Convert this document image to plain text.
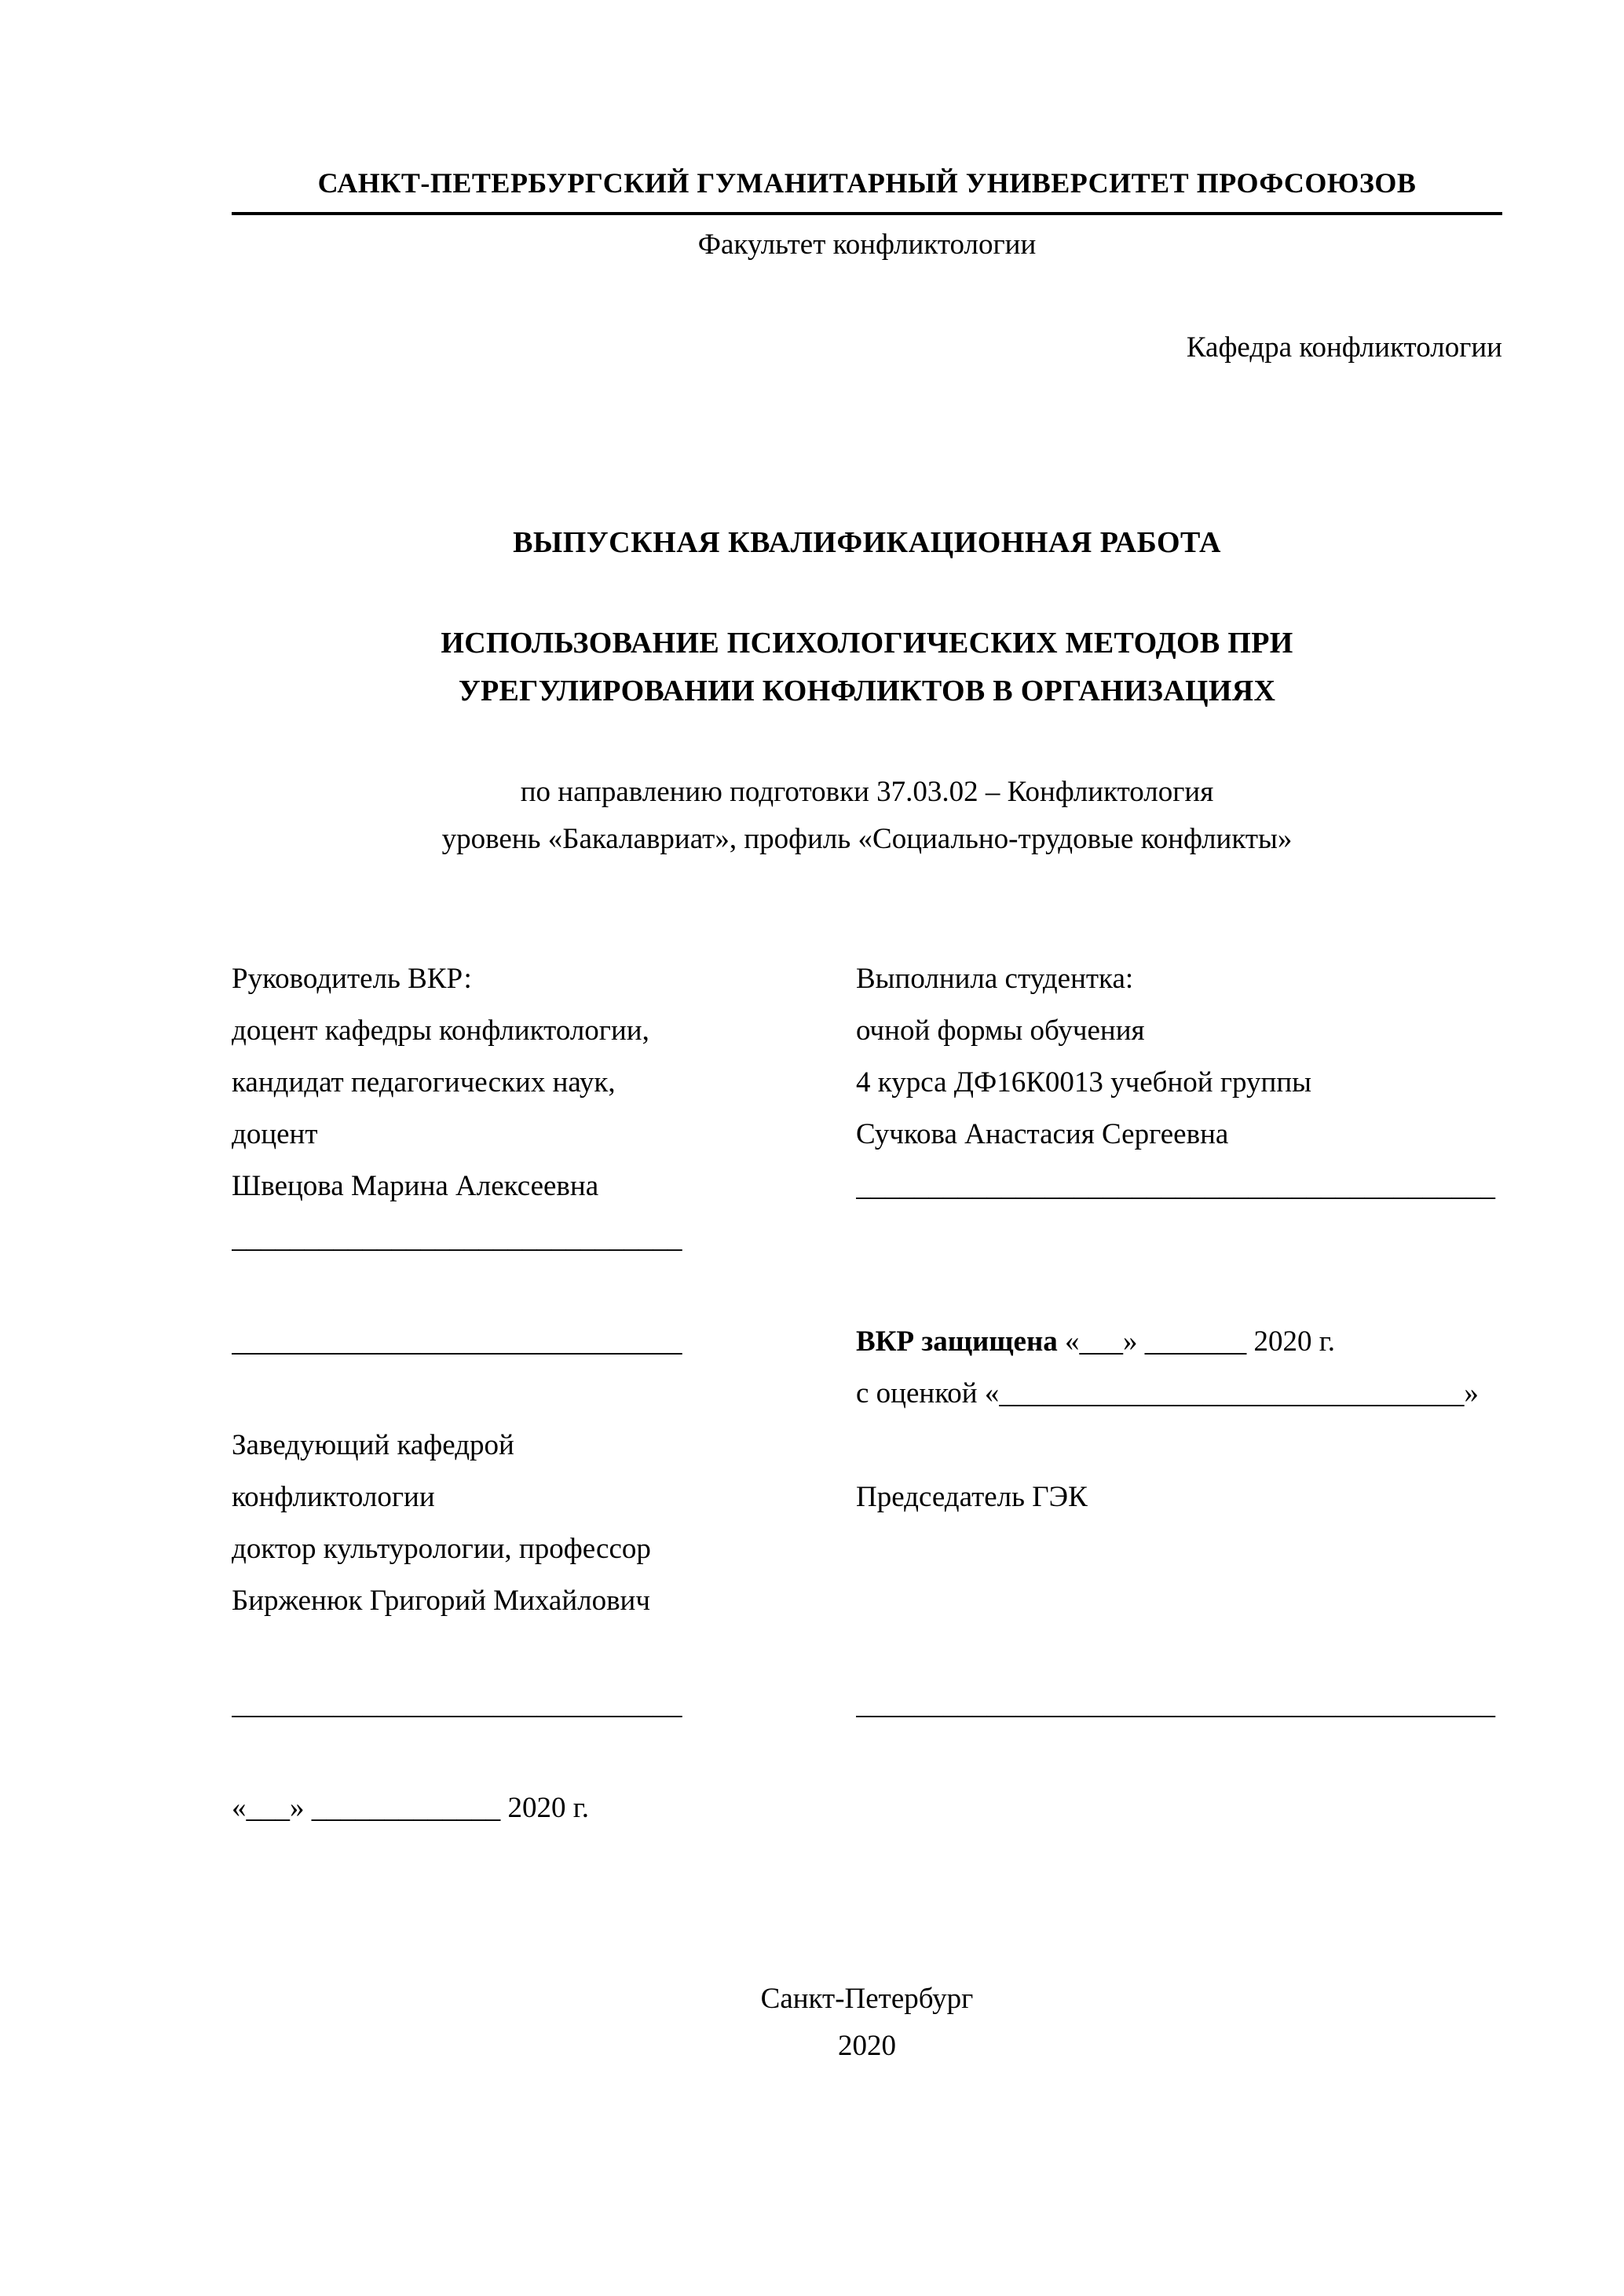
САНКТ-ПЕТЕРБУРГСКИЙ ГУМАНИТАРНЫЙ УНИВЕРСИТЕТ ПРОФСОЮЗОВ
Факультет конфликтологии
Кафедра конфликтологии
ВЫПУСКНАЯ КВАЛИФИКАЦИОННАЯ РАБОТА
ИСПОЛЬЗОВАНИЕ ПСИХОЛОГИЧЕСКИХ МЕТОДОВ ПРИ
УРЕГУЛИРОВАНИИ КОНФЛИКТОВ В ОРГАНИЗАЦИЯХ
по направлению подготовки 37.03.02 – Конфликтология
уровень «Бакалавриат», профиль «Социально-трудовые конфликты»
Руководитель ВКР:	Выполнила студентка:
доцент кафедры конфликтологии,	очной формы обучения
кандидат педагогических наук,	4 курса ДФ16К0013 учебной группы
доцент	Сучкова Анастасия Сергеевна
Швецова Марина Алексеевна	____________________________________________
_______________________________
_______________________________	ВКР защищена «___» _______ 2020 г.
с оценкой «________________________________»
Заведующий кафедрой
конфликтологии	Председатель ГЭК
доктор культурологии, профессор
Бирженюк Григорий Михайлович
_______________________________	____________________________________________
«___» _____________ 2020 г.
Санкт-Петербург
2020
